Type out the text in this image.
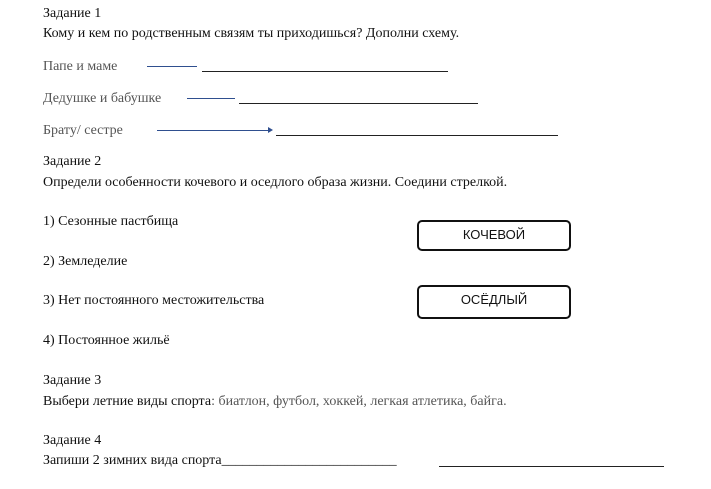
Задание 1
Кому и кем по родственным связям ты приходишься? Дополни схему.
Папе и маме
Дедушке и бабушке
Брату/ сестре
Задание 2
Определи особенности кочевого и оседлого образа жизни. Соедини стрелкой.
1) Сезонные пастбища
2) Земледелие
3) Нет постоянного местожительства
4) Постоянное жильё
КОЧЕВОЙ
ОСЁДЛЫЙ
Задание 3
Выбери летние виды спорта: биатлон, футбол, хоккей, легкая атлетика, байга.
Задание 4
Запиши 2 зимних вида спорта_________________________
